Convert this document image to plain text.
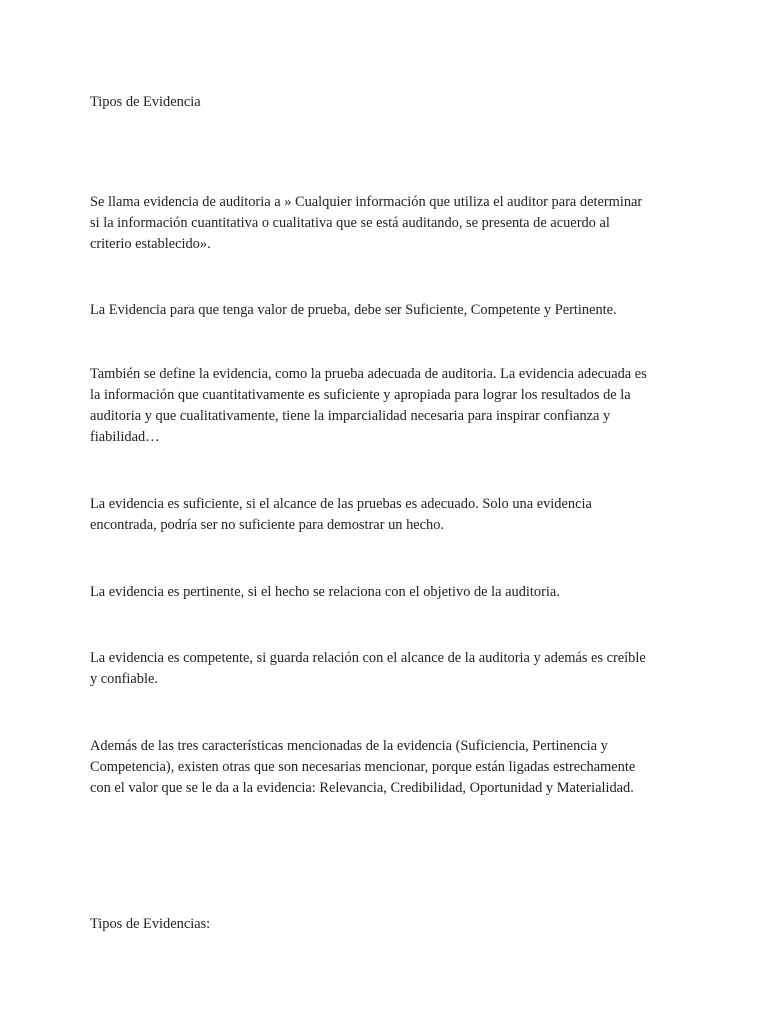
Tipos de Evidencia
Se llama evidencia de auditoria a » Cualquier información que utiliza el auditor para determinar
si la información cuantitativa o cualitativa que se está auditando, se presenta de acuerdo al
criterio establecido».
La Evidencia para que tenga valor de prueba, debe ser Suficiente, Competente y Pertinente.
También se define la evidencia, como la prueba adecuada de auditoria. La evidencia adecuada es
la información que cuantitativamente es suficiente y apropiada para lograr los resultados de la
auditoria y que cualitativamente, tiene la imparcialidad necesaria para inspirar confianza y
fiabilidad…
La evidencia es suficiente, si el alcance de las pruebas es adecuado. Solo una evidencia
encontrada, podría ser no suficiente para demostrar un hecho.
La evidencia es pertinente, si el hecho se relaciona con el objetivo de la auditoria.
La evidencia es competente, si guarda relación con el alcance de la auditoria y además es creíble
y confiable.
Además de las tres características mencionadas de la evidencia (Suficiencia, Pertinencia y
Competencia), existen otras que son necesarias mencionar, porque están ligadas estrechamente
con el valor que se le da a la evidencia: Relevancia, Credibilidad, Oportunidad y Materialidad.
Tipos de Evidencias:
